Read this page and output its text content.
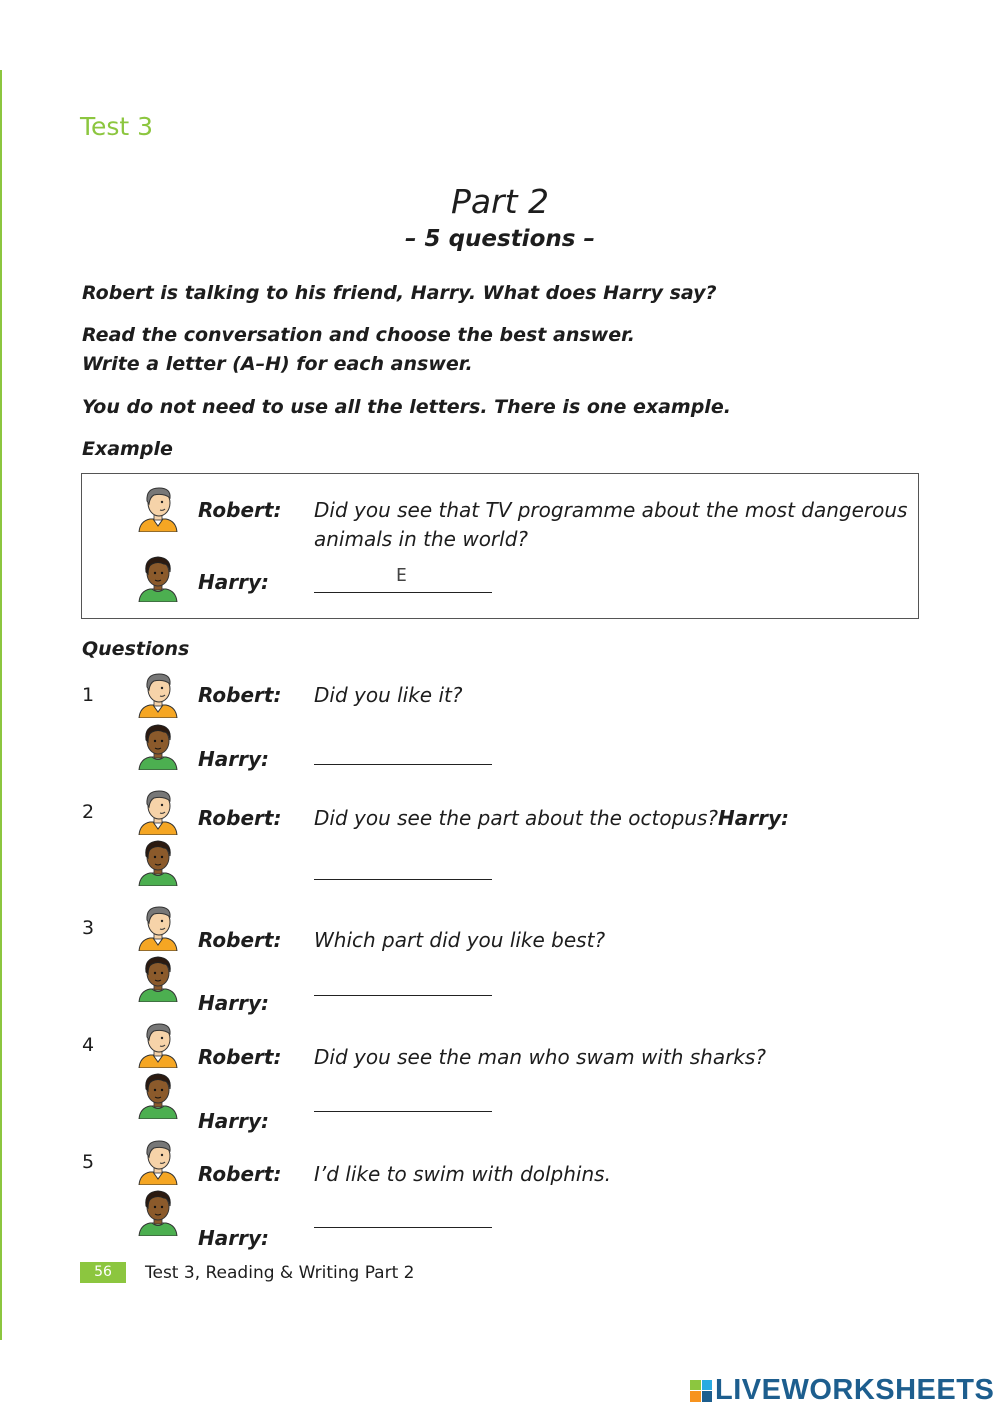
Test 3
Part 2
– 5 questions –
Robert is talking to his friend, Harry. What does Harry say?
Read the conversation and choose the best answer.
Write a letter (A–H) for each answer.
You do not need to use all the letters. There is one example.
Example
Robert: Did you see that TV programme about the most dangerous
animals in the world?
Harry:	E
Questions
1	Robert: Did you like it?
Harry:
2	Robert: Did you see the part about the octopus?Harry:
3	Robert: Which part did you like best?
Harry:
4	Robert: Did you see the man who swam with sharks?
Harry:
5	Robert: I’d like to swim with dolphins.
Harry:
56	Test 3, Reading & Writing Part 2
LIVEWORKSHEETS
